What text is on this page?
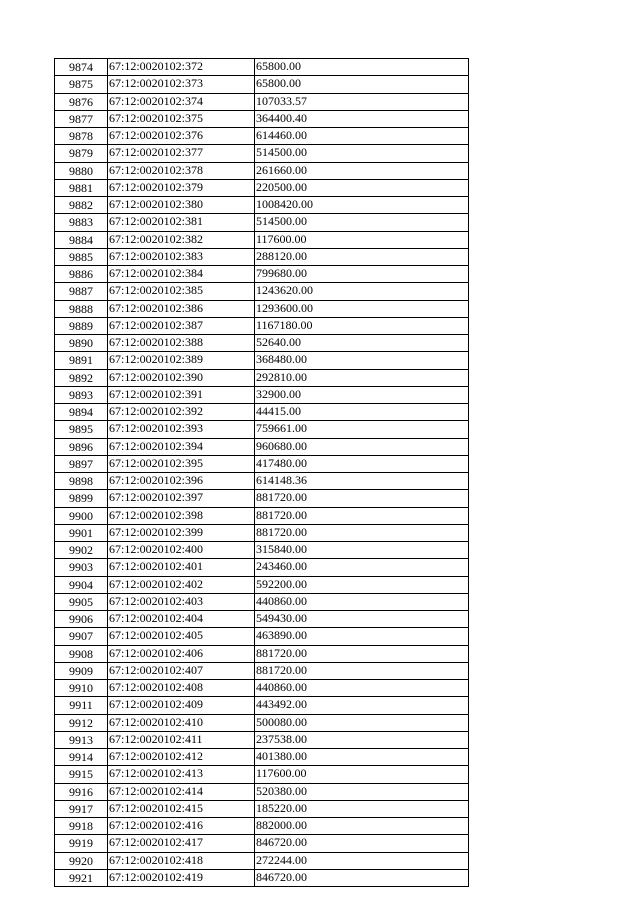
9874	67:12:0020102:372	65800.00
9875	67:12:0020102:373	65800.00
9876	67:12:0020102:374	107033.57
9877	67:12:0020102:375	364400.40
9878	67:12:0020102:376	614460.00
9879	67:12:0020102:377	514500.00
9880	67:12:0020102:378	261660.00
9881	67:12:0020102:379	220500.00
9882	67:12:0020102:380	1008420.00
9883	67:12:0020102:381	514500.00
9884	67:12:0020102:382	117600.00
9885	67:12:0020102:383	288120.00
9886	67:12:0020102:384	799680.00
9887	67:12:0020102:385	1243620.00
9888	67:12:0020102:386	1293600.00
9889	67:12:0020102:387	1167180.00
9890	67:12:0020102:388	52640.00
9891	67:12:0020102:389	368480.00
9892	67:12:0020102:390	292810.00
9893	67:12:0020102:391	32900.00
9894	67:12:0020102:392	44415.00
9895	67:12:0020102:393	759661.00
9896	67:12:0020102:394	960680.00
9897	67:12:0020102:395	417480.00
9898	67:12:0020102:396	614148.36
9899	67:12:0020102:397	881720.00
9900	67:12:0020102:398	881720.00
9901	67:12:0020102:399	881720.00
9902	67:12:0020102:400	315840.00
9903	67:12:0020102:401	243460.00
9904	67:12:0020102:402	592200.00
9905	67:12:0020102:403	440860.00
9906	67:12:0020102:404	549430.00
9907	67:12:0020102:405	463890.00
9908	67:12:0020102:406	881720.00
9909	67:12:0020102:407	881720.00
9910	67:12:0020102:408	440860.00
9911	67:12:0020102:409	443492.00
9912	67:12:0020102:410	500080.00
9913	67:12:0020102:411	237538.00
9914	67:12:0020102:412	401380.00
9915	67:12:0020102:413	117600.00
9916	67:12:0020102:414	520380.00
9917	67:12:0020102:415	185220.00
9918	67:12:0020102:416	882000.00
9919	67:12:0020102:417	846720.00
9920	67:12:0020102:418	272244.00
9921	67:12:0020102:419	846720.00
